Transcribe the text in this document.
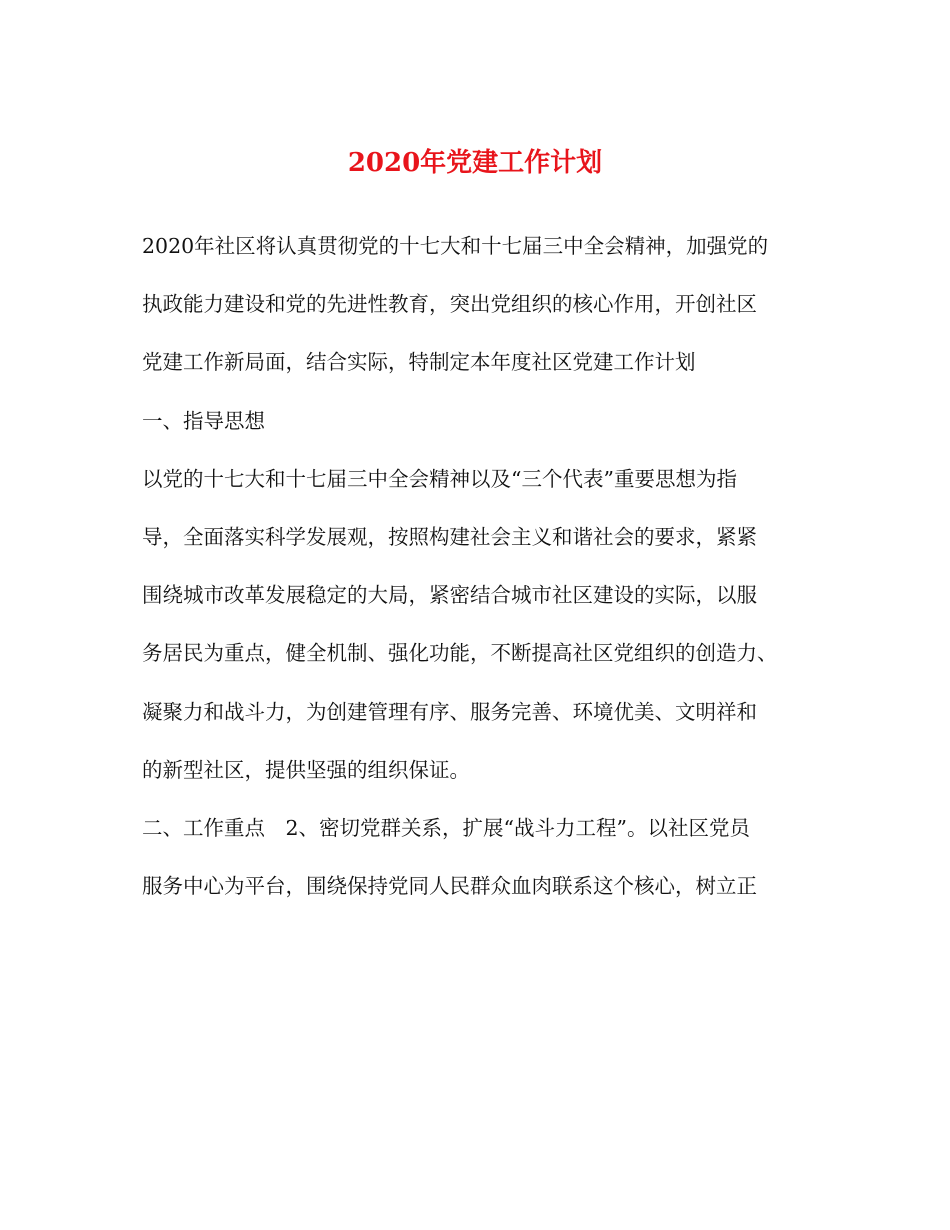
2020年党建工作计划
2020年社区将认真贯彻党的十七大和十七届三中全会精神，加强党的
执政能力建设和党的先进性教育，突出党组织的核心作用，开创社区
党建工作新局面，结合实际，特制定本年度社区党建工作计划
一、指导思想
以党的十七大和十七届三中全会精神以及“三个代表”重要思想为指
导，全面落实科学发展观，按照构建社会主义和谐社会的要求，紧紧
围绕城市改革发展稳定的大局，紧密结合城市社区建设的实际，以服
务居民为重点，健全机制、强化功能，不断提高社区党组织的创造力、
凝聚力和战斗力，为创建管理有序、服务完善、环境优美、文明祥和
的新型社区，提供坚强的组织保证。
二、工作重点　2、密切党群关系，扩展“战斗力工程”。以社区党员
服务中心为平台，围绕保持党同人民群众血肉联系这个核心，树立正
